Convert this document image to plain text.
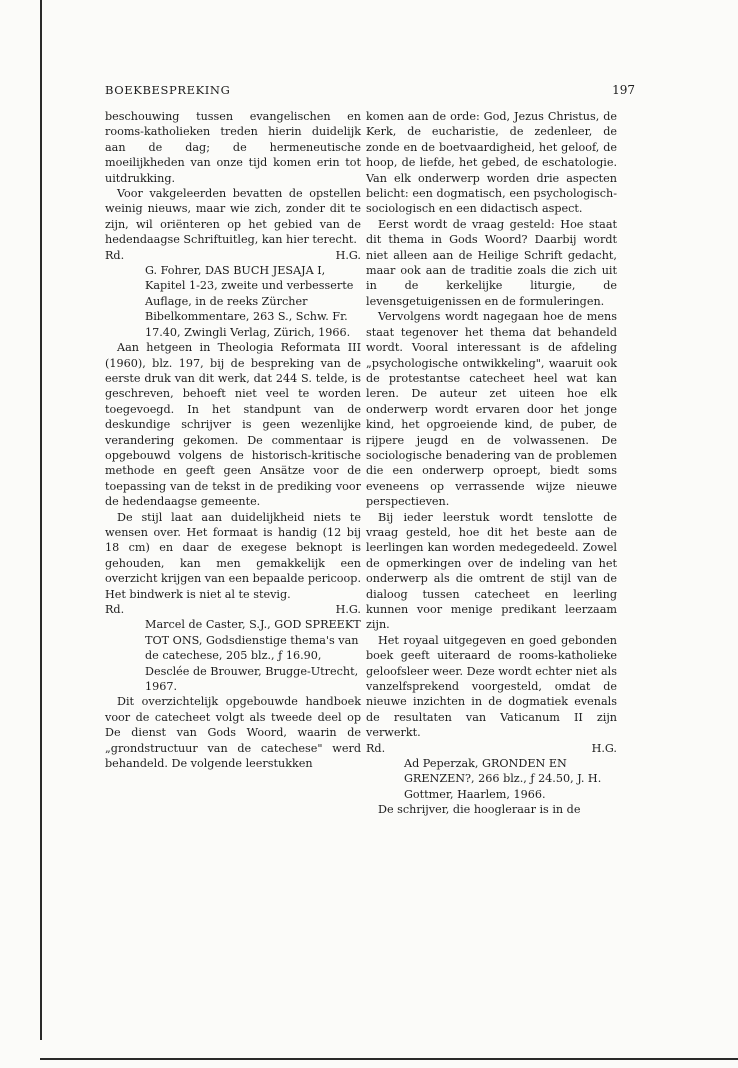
BOEKBESPREKING	197

beschouwing tussen evangelischen en rooms-katholieken treden hierin duidelijk aan de dag; de hermeneutische moeilijkheden van onze tijd komen erin tot uitdrukking.

Voor vakgeleerden bevatten de opstellen weinig nieuws, maar wie zich, zonder dit te zijn, wil oriënteren op het gebied van de hedendaagse Schriftuitleg, kan hier terecht.

Rd.	H.G.

G. Fohrer, DAS BUCH JESAJA I, Kapitel 1-23, zweite und verbesserte Auflage, in de reeks Zürcher Bibelkommentare, 263 S., Schw. Fr. 17.40, Zwingli Verlag, Zürich, 1966.

Aan hetgeen in Theologia Reformata III (1960), blz. 197, bij de bespreking van de eerste druk van dit werk, dat 244 S. telde, is geschreven, behoeft niet veel te worden toegevoegd. In het standpunt van de deskundige schrijver is geen wezenlijke verandering gekomen. De commentaar is opgebouwd volgens de historisch-kritische methode en geeft geen Ansätze voor de toepassing van de tekst in de prediking voor de hedendaagse gemeente.

De stijl laat aan duidelijkheid niets te wensen over. Het formaat is handig (12 bij 18 cm) en daar de exegese beknopt is gehouden, kan men gemakkelijk een overzicht krijgen van een bepaalde pericoop. Het bindwerk is niet al te stevig.

Rd.	H.G.

Marcel de Caster, S.J., GOD SPREEKT TOT ONS, Godsdienstige thema's van de catechese, 205 blz., ƒ 16.90, Desclée de Brouwer, Brugge-Utrecht, 1967.

Dit overzichtelijk opgebouwde handboek voor de catecheet volgt als tweede deel op De dienst van Gods Woord, waarin de „grondstructuur van de catechese" werd behandeld. De volgende leerstukken

komen aan de orde: God, Jezus Christus, de Kerk, de eucharistie, de zedenleer, de zonde en de boetvaardigheid, het geloof, de hoop, de liefde, het gebed, de eschatologie. Van elk onderwerp worden drie aspecten belicht: een dogmatisch, een psychologisch-sociologisch en een didactisch aspect.

Eerst wordt de vraag gesteld: Hoe staat dit thema in Gods Woord? Daarbij wordt niet alleen aan de Heilige Schrift gedacht, maar ook aan de traditie zoals die zich uit in de kerkelijke liturgie, de levensgetuigenissen en de formuleringen.

Vervolgens wordt nagegaan hoe de mens staat tegenover het thema dat behandeld wordt. Vooral interessant is de afdeling „psychologische ontwikkeling", waaruit ook de protestantse catecheet heel wat kan leren. De auteur zet uiteen hoe elk onderwerp wordt ervaren door het jonge kind, het opgroeiende kind, de puber, de rijpere jeugd en de volwassenen. De sociologische benadering van de problemen die een onderwerp oproept, biedt soms eveneens op verrassende wijze nieuwe perspectieven.

Bij ieder leerstuk wordt tenslotte de vraag gesteld, hoe dit het beste aan de leerlingen kan worden medegedeeld. Zowel de opmerkingen over de indeling van het onderwerp als die omtrent de stijl van de dialoog tussen catecheet en leerling kunnen voor menige predikant leerzaam zijn.

Het royaal uitgegeven en goed gebonden boek geeft uiteraard de rooms-katholieke geloofsleer weer. Deze wordt echter niet als vanzelfsprekend voorgesteld, omdat de nieuwe inzichten in de dogmatiek evenals de resultaten van Vaticanum II zijn verwerkt.

Rd.	H.G.

Ad Peperzak, GRONDEN EN GRENZEN?, 266 blz., ƒ 24.50, J. H. Gottmer, Haarlem, 1966.

De schrijver, die hoogleraar is in de
